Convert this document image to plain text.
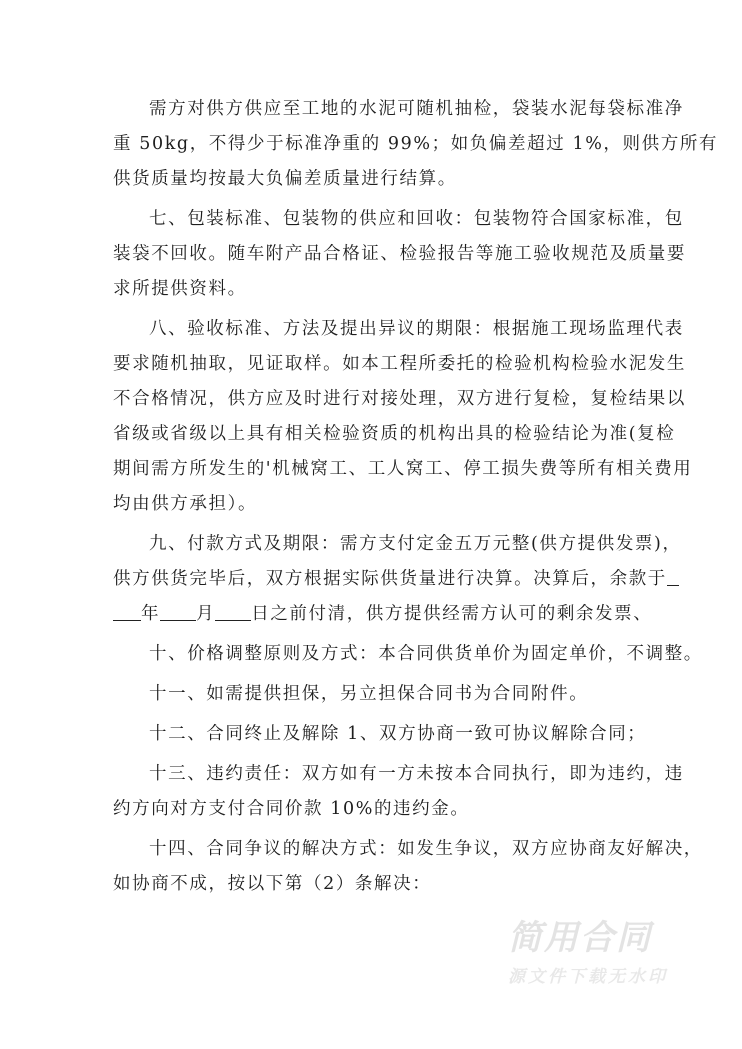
需方对供方供应至工地的水泥可随机抽检，袋装水泥每袋标准净
重 50kg，不得少于标准净重的 99%；如负偏差超过 1%，则供方所有
供货质量均按最大负偏差质量进行结算。
七、包装标准、包装物的供应和回收：包装物符合国家标准，包
装袋不回收。随车附产品合格证、检验报告等施工验收规范及质量要
求所提供资料。
八、验收标准、方法及提出异议的期限：根据施工现场监理代表
要求随机抽取，见证取样。如本工程所委托的检验机构检验水泥发生
不合格情况，供方应及时进行对接处理，双方进行复检，复检结果以
省级或省级以上具有相关检验资质的机构出具的检验结论为准(复检
期间需方所发生的'机械窝工、工人窝工、停工损失费等所有相关费用
均由供方承担）。
九、付款方式及期限：需方支付定金五万元整(供方提供发票)，
供方供货完毕后，双方根据实际供货量进行决算。决算后，余款于
年 月 日之前付清，供方提供经需方认可的剩余发票、
十、价格调整原则及方式：本合同供货单价为固定单价，不调整。
十一、如需提供担保，另立担保合同书为合同附件。
十二、合同终止及解除 1、双方协商一致可协议解除合同；
十三、违约责任：双方如有一方未按本合同执行，即为违约，违
约方向对方支付合同价款 10%的违约金。
十四、合同争议的解决方式：如发生争议，双方应协商友好解决，
如协商不成，按以下第（2）条解决：
简用合同
源文件下载无水印
